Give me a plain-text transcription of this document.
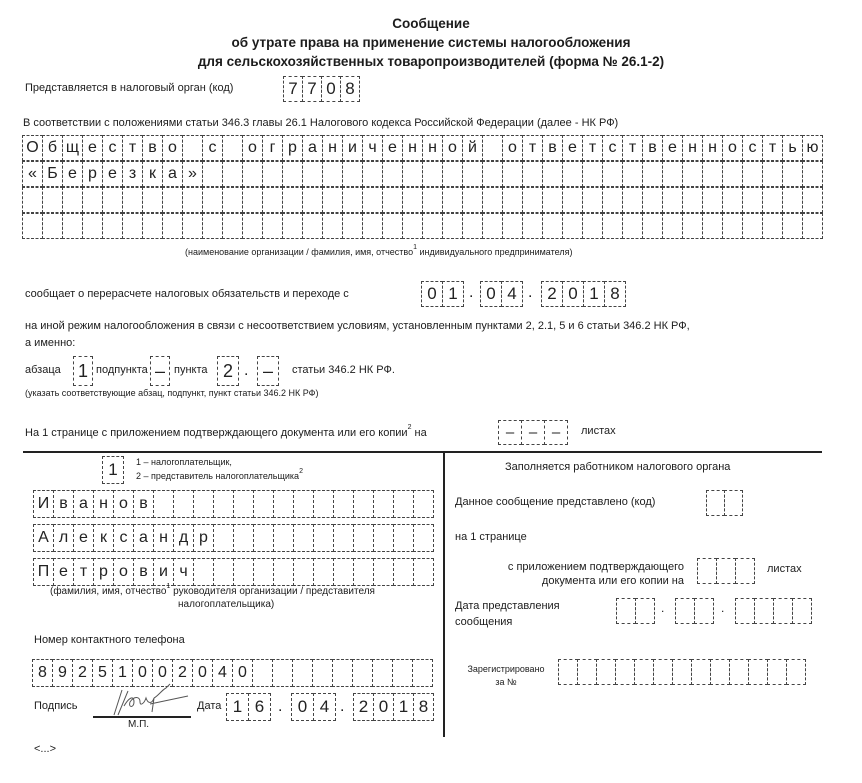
Сообщение
об утрате права на применение системы налогообложения
для сельскохозяйственных товаропроизводителей (форма № 26.1-2)
Представляется в налоговый орган (код)	7 7 0 8
В соответствии с положениями статьи 346.3 главы 26.1 Налогового кодекса Российской Федерации (далее - НК РФ)
О б щ е с т в о	с	о г р а н и ч е н н о й	о т в е т с т в е н н о с т ь ю
« Б е р е з к а »
(наименование организации / фамилия, имя, отчество$^1$ индивидуального предпринимателя)
сообщает о перерасчете налоговых обязательств и переходе с	0 1 . 0 4 . 2 0 1 8
на иной режим налогообложения в связи с несоответствием условиям, установленным пунктами 2, 2.1, 5 и 6 статьи 346.2 НК РФ,
а именно:
абзаца 1 подпункта – пункта 2 . –	статьи 346.2 НК РФ.
(указать соответствующие абзац, подпункт, пункт статьи 346.2 НК РФ)
На 1 странице с приложением подтверждающего документа или его копии$^2$ на	– – –	листах
1	1 – налогоплательщик,
2 – представитель налогоплательщика$^2$
И в а н о в
А л е к с а н д р
П е т р о в и ч
(фамилия, имя, отчество$^1$ руководителя организации / представителя
налогоплательщика)
Номер контактного телефона
8 9 2 5 1 0 0 2 0 4 0
Подпись
М.П.
Дата 1 6 . 0 4 . 2 0 1 8
Заполняется работником налогового органа
Данное сообщение представлено (код)
на 1 странице
с приложением подтверждающего
документа или его копии на
листах
Дата представления
сообщения
.	.
Зарегистрировано
за №
<...>
